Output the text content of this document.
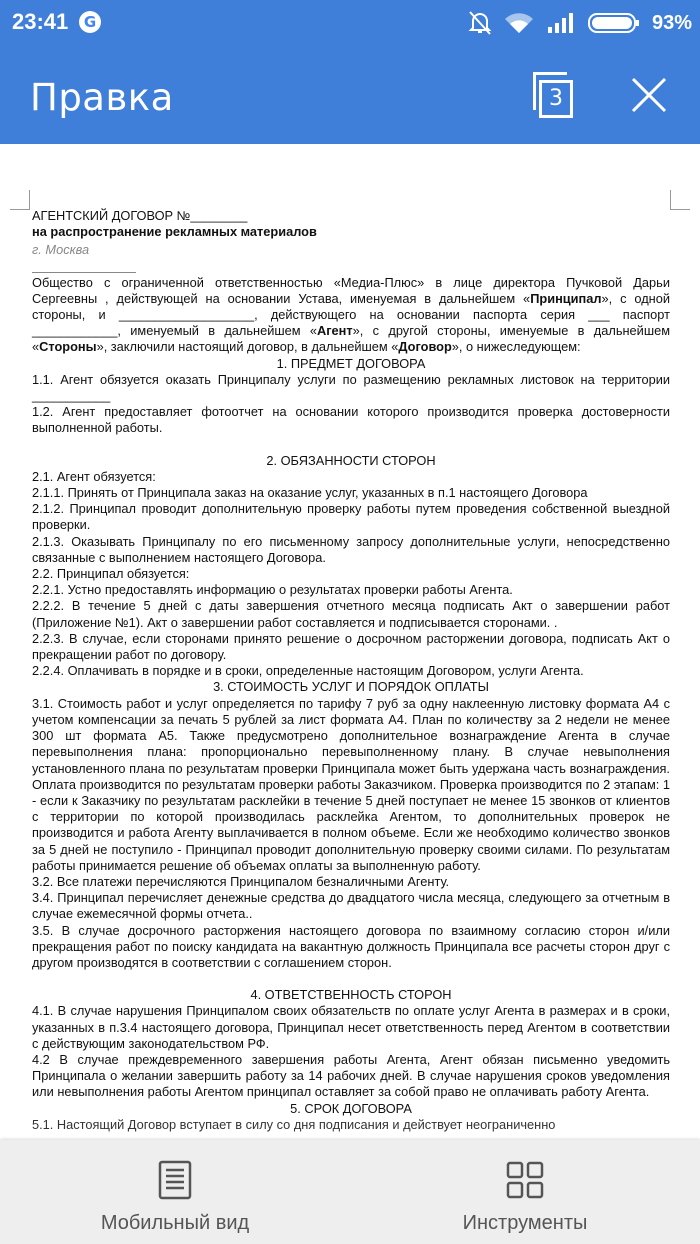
23:41	G	93%
Правка	3

АГЕНТСКИЙ ДОГОВОР №________

на распространение рекламных материалов

г. Москва

Общество с ограниченной ответственностью «Медиа-Плюс» в лице директора Пучковой Дарьи Сергеевны , действующей на основании Устава, именуемая в дальнейшем «Принципал», с одной стороны, и ___________________, действующего на основании паспорта серия ___ паспорт ____________, именуемый в дальнейшем «Агент», с другой стороны, именуемые в дальнейшем «Стороны», заключили настоящий договор, в дальнейшем «Договор», о нижеследующем:

1. ПРЕДМЕТ ДОГОВОРА

1.1. Агент обязуется оказать Принципалу услуги по размещению рекламных листовок на территории ___________

1.2. Агент предоставляет фотоотчет на основании которого производится проверка достоверности выполненной работы.

2. ОБЯЗАННОСТИ СТОРОН

2.1. Агент обязуется:

2.1.1. Принять от Принципала заказ на оказание услуг, указанных в п.1 настоящего Договора

2.1.2. Принципал проводит дополнительную проверку работы путем проведения собственной выездной проверки.

2.1.3. Оказывать Принципалу по его письменному запросу дополнительные услуги, непосредственно связанные с выполнением настоящего Договора.

2.2. Принципал обязуется:

2.2.1. Устно предоставлять информацию о результатах проверки работы Агента.

2.2.2. В течение 5 дней с даты завершения отчетного месяца подписать Акт о завершении работ (Приложение №1). Акт о завершении работ составляется и подписывается сторонами. .

2.2.3. В случае, если сторонами принято решение о досрочном расторжении договора, подписать Акт о прекращении работ по договору.

2.2.4. Оплачивать в порядке и в сроки, определенные настоящим Договором, услуги Агента.

3. СТОИМОСТЬ УСЛУГ И ПОРЯДОК ОПЛАТЫ

3.1. Стоимость работ и услуг определяется по тарифу 7 руб за одну наклеенную листовку формата А4 с учетом компенсации за печать 5 рублей за лист формата А4. План по количеству за 2 недели не менее 300 шт формата А5. Также предусмотрено дополнительное вознаграждение Агента в случае перевыполнения плана: пропорционально перевыполненному плану. В случае невыполнения установленного плана по результатам проверки Принципала может быть удержана часть вознаграждения. Оплата производится по результатам проверки работы Заказчиком. Проверка производится по 2 этапам: 1 - если к Заказчику по результатам расклейки в течение 5 дней поступает не менее 15 звонков от клиентов с территории по которой производилась расклейка Агентом, то дополнительных проверок не производится и работа Агенту выплачивается в полном объеме. Если же необходимо количество звонков за 5 дней не поступило - Принципал проводит дополнительную проверку своими силами. По результатам работы принимается решение об объемах оплаты за выполненную работу.

3.2. Все платежи перечисляются Принципалом безналичными Агенту.

3.4. Принципал перечисляет денежные средства до двадцатого числа месяца, следующего за отчетным в случае ежемесячной формы отчета..

3.5. В случае досрочного расторжения настоящего договора по взаимному согласию сторон и/или прекращения работ по поиску кандидата на вакантную должность Принципала все расчеты сторон друг с другом производятся в соответствии с соглашением сторон.

4. ОТВЕТСТВЕННОСТЬ СТОРОН

4.1. В случае нарушения Принципалом своих обязательств по оплате услуг Агента в размерах и в сроки, указанных в п.3.4 настоящего договора, Принципал несет ответственность перед Агентом в соответствии с действующим законодательством РФ.

4.2 В случае преждевременного завершения работы Агента, Агент обязан письменно уведомить Принципала о желании завершить работу за 14 рабочих дней. В случае нарушения сроков уведомления или невыполнения работы Агентом принципал оставляет за собой право не оплачивать работу Агента.

5. СРОК ДОГОВОРА

5.1. Настоящий Договор вступает в силу со дня подписания и действует неограниченно

Мобильный вид	Инструменты
